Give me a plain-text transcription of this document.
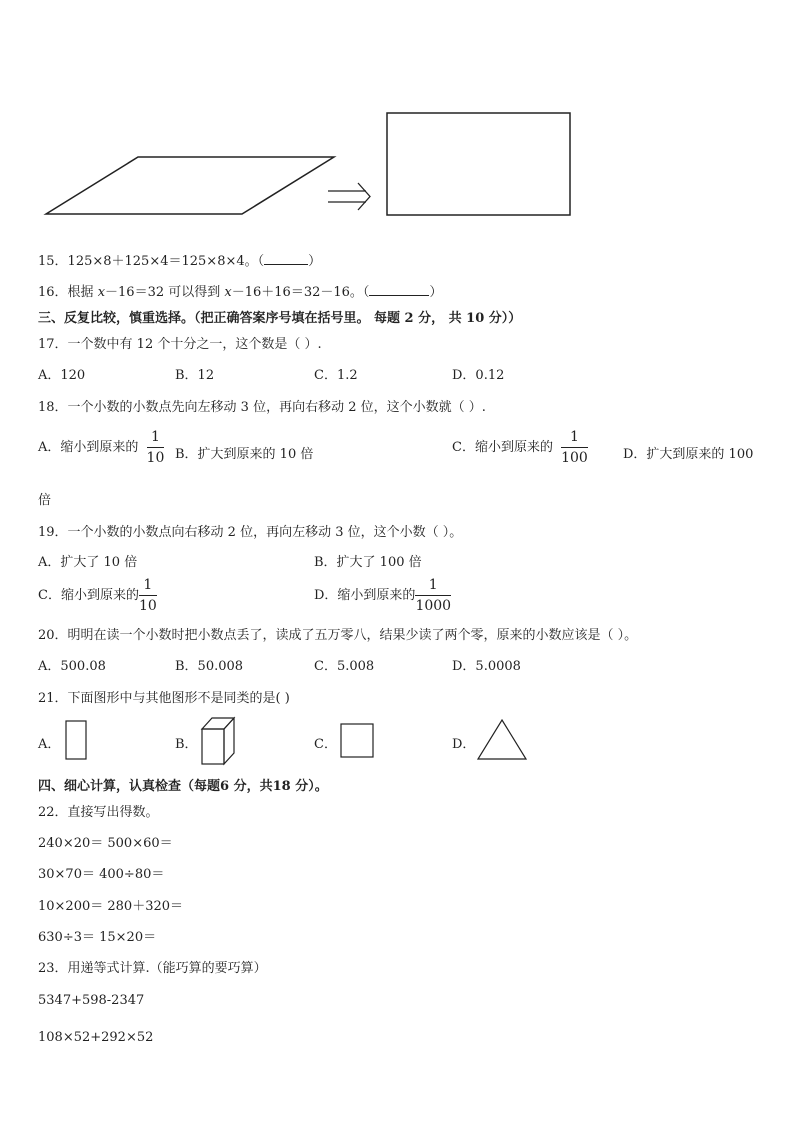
15．125×8＋125×4＝125×8×4。（	）
16．根据 x－16＝32 可以得到 x－16＋16＝32－16。（	）
三、反复比较，慎重选择。（把正确答案序号填在括号里。 每题 2 分， 共 10 分））
17．一个数中有 12 个十分之一，这个数是（ ）.
A．120	B．12	C．1.2	D．0.12
18．一个小数的小数点先向左移动 3 位，再向右移动 2 位，这个小数就（ ）.
A．缩小到原来的 $\frac{1}{10}$ B．扩大到原来的 10 倍	C．缩小到原来的 $\frac{1}{100}$	D．扩大到原来的 100
倍
19．一个小数的小数点向右移动 2 位，再向左移动 3 位，这个小数（ ）。
A．扩大了 10 倍	B．扩大了 100 倍
C．缩小到原来的 $\frac{1}{10}$	D．缩小到原来的 $\frac{1}{1000}$
20．明明在读一个小数时把小数点丢了，读成了五万零八，结果少读了两个零，原来的小数应该是（ ）。
A．500.08	B．50.008	C．5.008	D．5.0008
21．下面图形中与其他图形不是同类的是( )
A．	B．	C．	D．
四、细心计算，认真检查（每题6 分，共18 分）。
22．直接写出得数。
240×20＝ 500×60＝
30×70＝ 400÷80＝
10×200＝ 280＋320＝
630÷3＝ 15×20＝
23．用递等式计算.（能巧算的要巧算）
5347+598-2347
108×52+292×52
